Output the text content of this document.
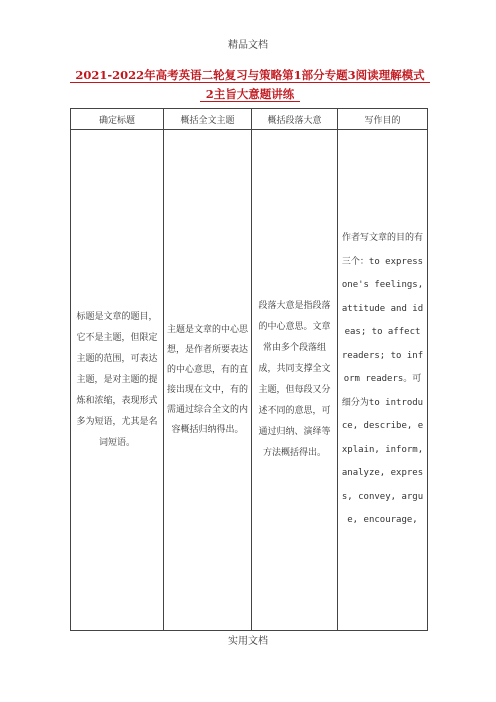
精品文档
2021-2022年高考英语二轮复习与策略第1部分专题3阅读理解模式
2主旨大意题讲练
确定标题	概括全文主题	概括段落大意	写作目的

标题是文章的题目，它不是主题，但限定主题的范围，可表达主题，是对主题的提炼和浓缩，表现形式多为短语，尤其是名词短语。	主题是文章的中心思想，是作者所要表达的中心意思，有的直接出现在文中，有的需通过综合全文的内容概括归纳得出。	段落大意是指段落的中心意思。文章常由多个段落组成，共同支撑全文主题，但每段又分述不同的意思，可通过归纳、演绎等方法概括得出。	作者写文章的目的有三个：to express one's feelings, attitude and ideas; to affect readers; to inform readers。可细分为to introduce, describe, explain, inform, analyze, express, convey, argue, encourage,
实用文档
